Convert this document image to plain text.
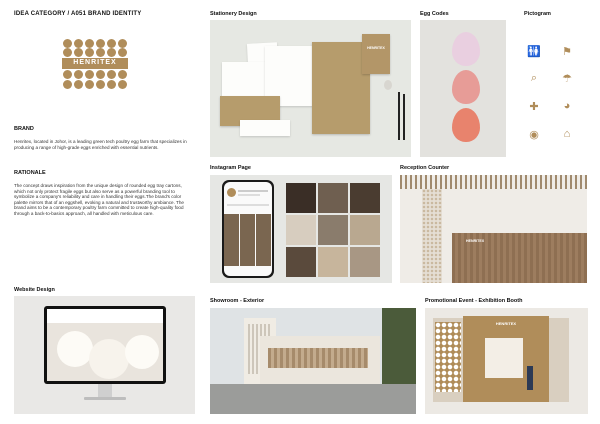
IDEA CATEGORY / A051 BRAND IDENTITY
HENRITEX
BRAND
Henritex, located in Johor, is a leading green tech poultry egg farm that specializes in producing a range of high-grade eggs enriched with essential nutrients.
RATIONALE
The concept draws inspiration from the unique design of rounded egg tray cartons, which not only protect fragile eggs but also serve as a powerful branding tool to symbolize a company's reliability and care in handling their eggs.The brand's color palette mirrors that of an eggshell, evoking a natural and trustworthy ambiance. The brand aims to be a contemporary poultry farm committed to create high-quality food through a back-to-basics approach, all handled with meticulous care.
Stationery Design	Egg Codes	Pictogram
Instagram Page	Reception Counter
Website Design
Showroom - Exterior	Promotional Event - Exhibition Booth
HENRITEX	🚻 ⚑
⌕	☂
✚	◕
◉	⌂
HENRITEX
HENRITEX
